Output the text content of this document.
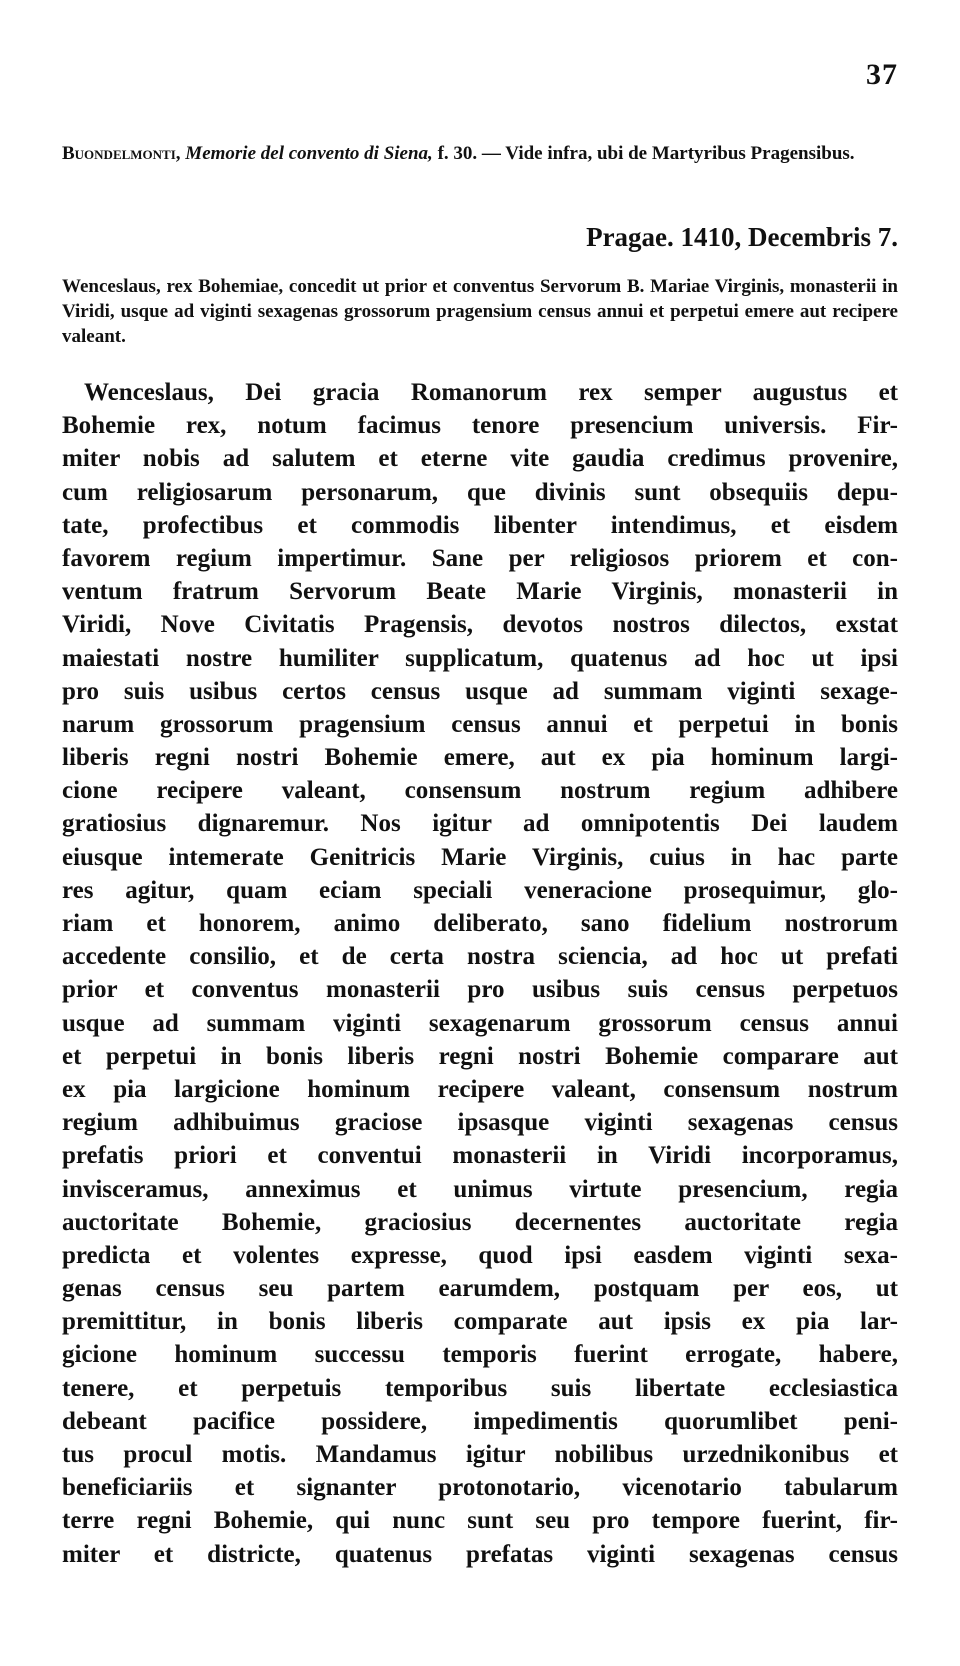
37
Buondelmonti, Memorie del convento di Siena, f. 30. — Vide infra, ubi de Martyribus Pragensibus.
Pragae. 1410, Decembris 7.
Wenceslaus, rex Bohemiae, concedit ut prior et conventus Servorum B. Mariae Virginis, monasterii in Viridi, usque ad viginti sexagenas grossorum pragensium census annui et perpetui emere aut recipere valeant.
Wenceslaus, Dei gracia Romanorum rex semper augustus et
Bohemie rex, notum facimus tenore presencium universis. Fir-
miter nobis ad salutem et eterne vite gaudia credimus provenire,
cum religiosarum personarum, que divinis sunt obsequiis depu-
tate, profectibus et commodis libenter intendimus, et eisdem
favorem regium impertimur. Sane per religiosos priorem et con-
ventum fratrum Servorum Beate Marie Virginis, monasterii in
Viridi, Nove Civitatis Pragensis, devotos nostros dilectos, exstat
maiestati nostre humiliter supplicatum, quatenus ad hoc ut ipsi
pro suis usibus certos census usque ad summam viginti sexage-
narum grossorum pragensium census annui et perpetui in bonis
liberis regni nostri Bohemie emere, aut ex pia hominum largi-
cione recipere valeant, consensum nostrum regium adhibere
gratiosius dignaremur. Nos igitur ad omnipotentis Dei laudem
eiusque intemerate Genitricis Marie Virginis, cuius in hac parte
res agitur, quam eciam speciali veneracione prosequimur, glo-
riam et honorem, animo deliberato, sano fidelium nostrorum
accedente consilio, et de certa nostra sciencia, ad hoc ut prefati
prior et conventus monasterii pro usibus suis census perpetuos
usque ad summam viginti sexagenarum grossorum census annui
et perpetui in bonis liberis regni nostri Bohemie comparare aut
ex pia largicione hominum recipere valeant, consensum nostrum
regium adhibuimus graciose ipsasque viginti sexagenas census
prefatis priori et conventui monasterii in Viridi incorporamus,
invisceramus, anneximus et unimus virtute presencium, regia
auctoritate Bohemie, graciosius decernentes auctoritate regia
predicta et volentes expresse, quod ipsi easdem viginti sexa-
genas census seu partem earumdem, postquam per eos, ut
premittitur, in bonis liberis comparate aut ipsis ex pia lar-
gicione hominum successu temporis fuerint errogate, habere,
tenere, et perpetuis temporibus suis libertate ecclesiastica
debeant pacifice possidere, impedimentis quorumlibet peni-
tus procul motis. Mandamus igitur nobilibus urzednikonibus et
beneficiariis et signanter protonotario, vicenotario tabularum
terre regni Bohemie, qui nunc sunt seu pro tempore fuerint, fir-
miter et districte, quatenus prefatas viginti sexagenas census
